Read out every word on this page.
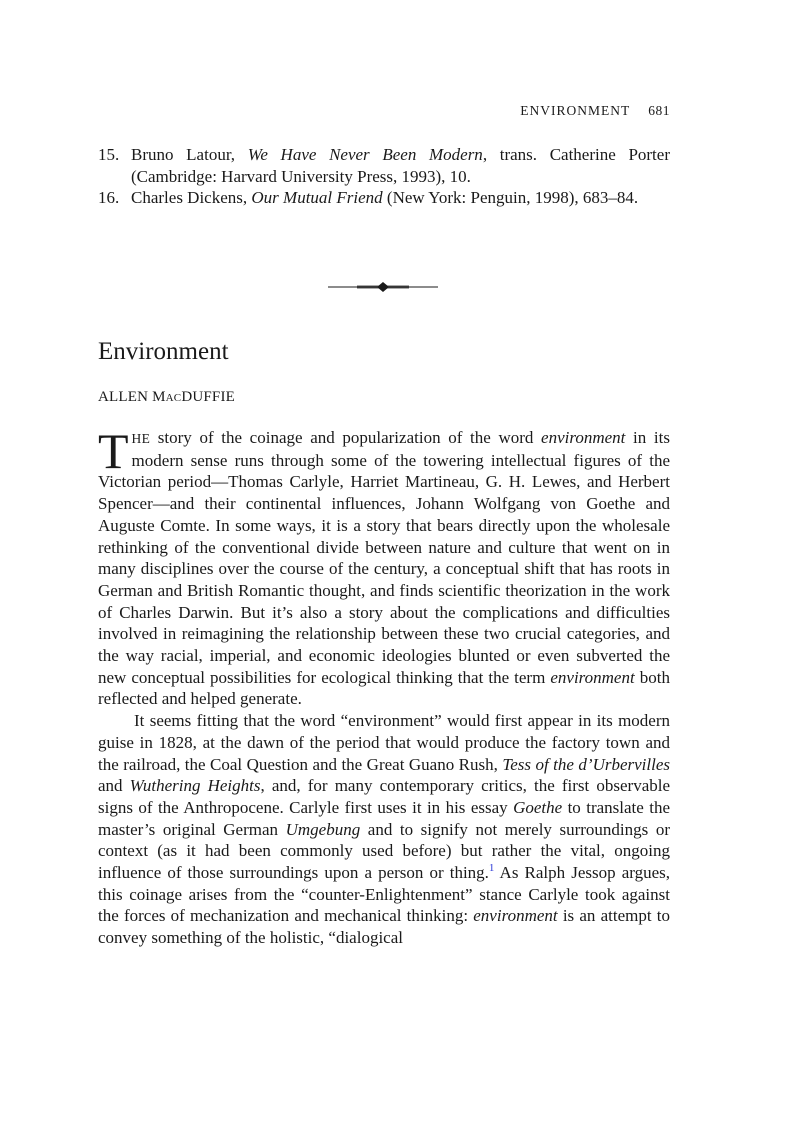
ENVIRONMENT 681
15. Bruno Latour, We Have Never Been Modern, trans. Catherine Porter (Cambridge: Harvard University Press, 1993), 10.
16. Charles Dickens, Our Mutual Friend (New York: Penguin, 1998), 683–84.
Environment
ALLEN MACDUFFIE

THE story of the coinage and popularization of the word environment in its modern sense runs through some of the towering intellectual figures of the Victorian period—Thomas Carlyle, Harriet Martineau, G. H. Lewes, and Herbert Spencer—and their continental influences, Johann Wolfgang von Goethe and Auguste Comte. In some ways, it is a story that bears directly upon the wholesale rethinking of the conventional divide between nature and culture that went on in many disciplines over the course of the century, a conceptual shift that has roots in German and British Romantic thought, and finds scientific theorization in the work of Charles Darwin. But it’s also a story about the complications and difficulties involved in reimagining the relationship between these two crucial categories, and the way racial, imperial, and economic ideologies blunted or even subverted the new conceptual possibilities for ecological thinking that the term environment both reflected and helped generate.

It seems fitting that the word “environment” would first appear in its modern guise in 1828, at the dawn of the period that would produce the factory town and the railroad, the Coal Question and the Great Guano Rush, Tess of the d’Urbervilles and Wuthering Heights, and, for many contemporary critics, the first observable signs of the Anthropocene. Carlyle first uses it in his essay Goethe to translate the master’s original German Umgebung and to signify not merely surroundings or context (as it had been commonly used before) but rather the vital, ongoing influence of those surroundings upon a person or thing.$^1$ As Ralph Jessop argues, this coinage arises from the “counter-Enlightenment” stance Carlyle took against the forces of mechanization and mechanical thinking: environment is an attempt to convey something of the holistic, “dialogical
